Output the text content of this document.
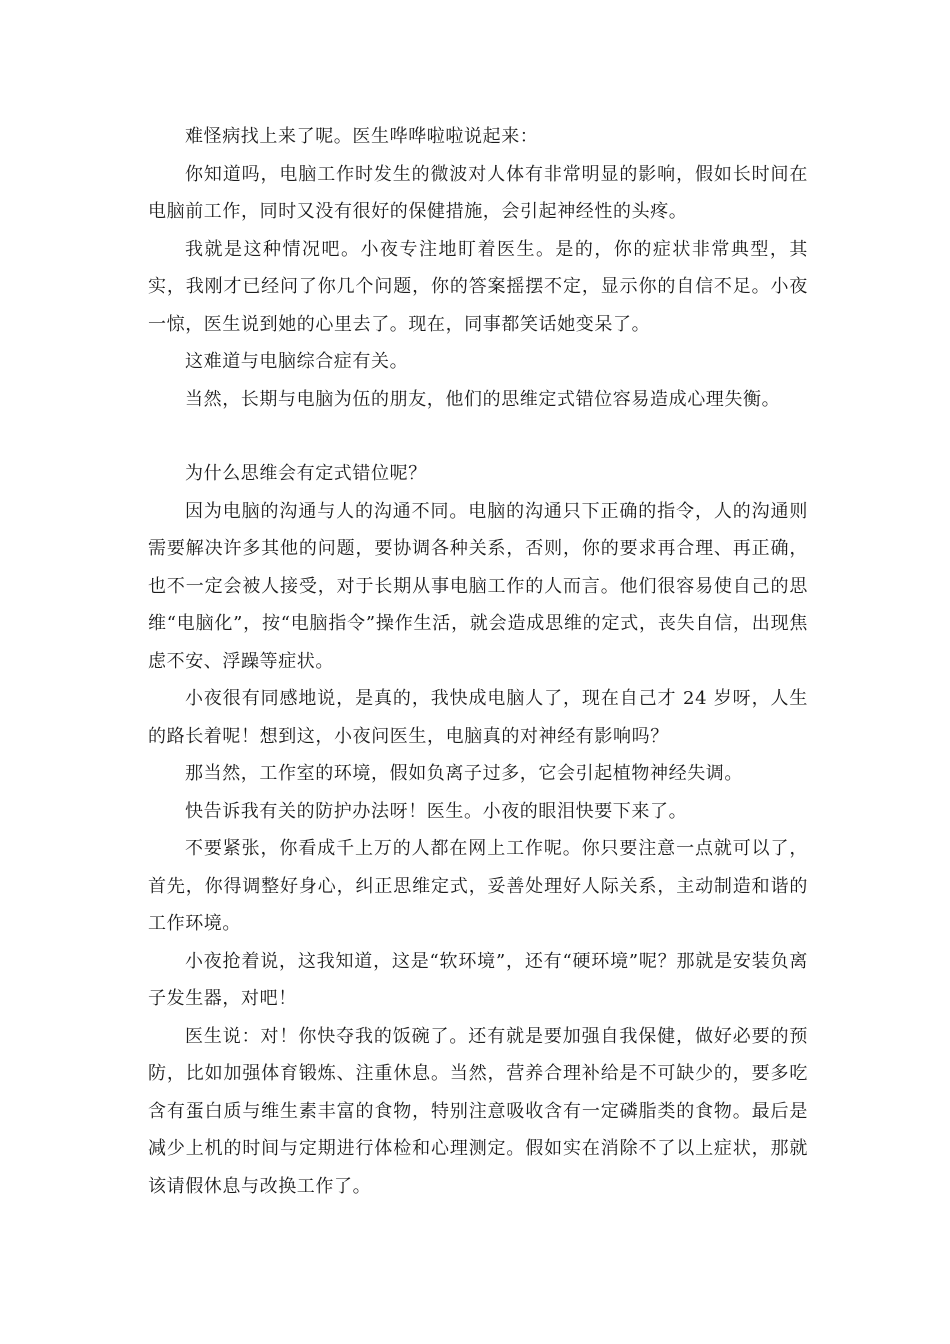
难怪病找上来了呢。医生哗哗啦啦说起来：

你知道吗，电脑工作时发生的微波对人体有非常明显的影响，假如长时间在电脑前工作，同时又没有很好的保健措施，会引起神经性的头疼。

我就是这种情况吧。小夜专注地盯着医生。是的，你的症状非常典型，其实，我刚才已经问了你几个问题，你的答案摇摆不定，显示你的自信不足。小夜一惊，医生说到她的心里去了。现在，同事都笑话她变呆了。

这难道与电脑综合症有关。

当然，长期与电脑为伍的朋友，他们的思维定式错位容易造成心理失衡。

为什么思维会有定式错位呢？

因为电脑的沟通与人的沟通不同。电脑的沟通只下正确的指令，人的沟通则需要解决许多其他的问题，要协调各种关系，否则，你的要求再合理、再正确，也不一定会被人接受，对于长期从事电脑工作的人而言。他们很容易使自己的思维“电脑化”，按“电脑指令”操作生活，就会造成思维的定式，丧失自信，出现焦虑不安、浮躁等症状。

小夜很有同感地说，是真的，我快成电脑人了，现在自己才 24 岁呀，人生的路长着呢！想到这，小夜问医生，电脑真的对神经有影响吗？

那当然，工作室的环境，假如负离子过多，它会引起植物神经失调。

快告诉我有关的防护办法呀！医生。小夜的眼泪快要下来了。

不要紧张，你看成千上万的人都在网上工作呢。你只要注意一点就可以了，首先，你得调整好身心，纠正思维定式，妥善处理好人际关系，主动制造和谐的工作环境。

小夜抢着说，这我知道，这是“软环境”，还有“硬环境”呢？那就是安装负离子发生器，对吧！

医生说：对！你快夺我的饭碗了。还有就是要加强自我保健，做好必要的预防，比如加强体育锻炼、注重休息。当然，营养合理补给是不可缺少的，要多吃含有蛋白质与维生素丰富的食物，特别注意吸收含有一定磷脂类的食物。最后是减少上机的时间与定期进行体检和心理测定。假如实在消除不了以上症状，那就该请假休息与改换工作了。
